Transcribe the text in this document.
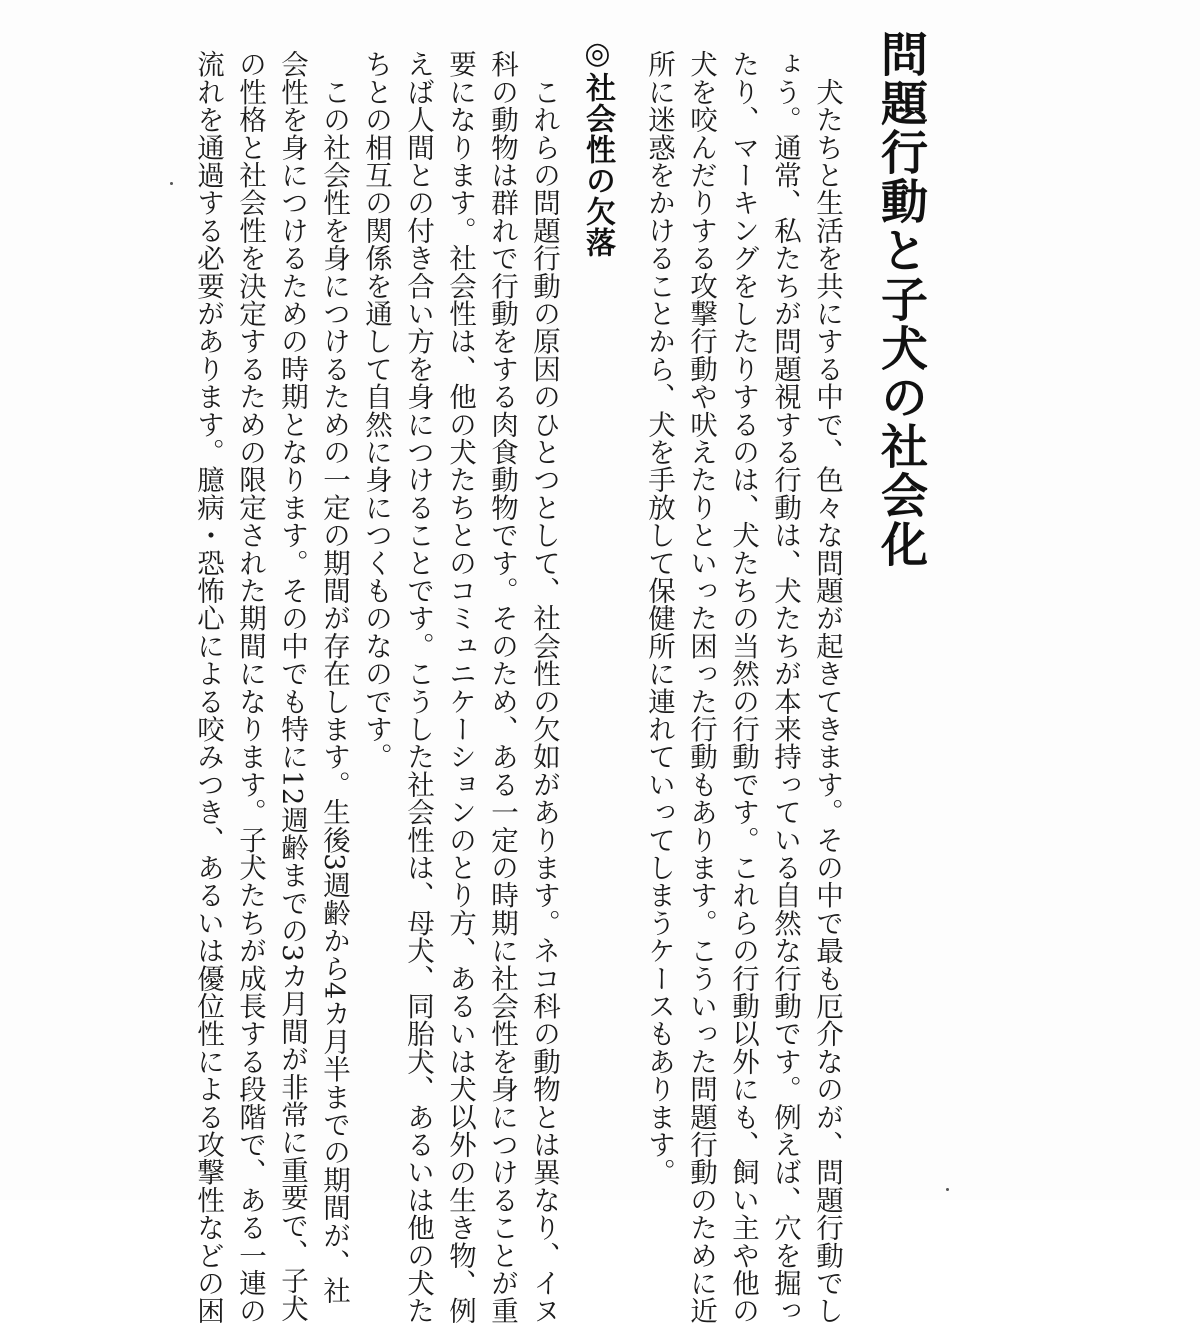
問題行動と子犬の社会化
　犬たちと生活を共にする中で、色々な問題が起きてきます。その中で最も厄介なのが、問題行動でし
ょう。通常、私たちが問題視する行動は、犬たちが本来持っている自然な行動です。例えば、穴を掘っ
たり、マーキングをしたりするのは、犬たちの当然の行動です。これらの行動以外にも、飼い主や他の
犬を咬んだりする攻撃行動や吠えたりといった困った行動もあります。こういった問題行動のために近
所に迷惑をかけることから、犬を手放して保健所に連れていってしまうケースもあります。
◎社会性の欠落
　これらの問題行動の原因のひとつとして、社会性の欠如があります。ネコ科の動物とは異なり、イヌ
科の動物は群れで行動をする肉食動物です。そのため、ある一定の時期に社会性を身につけることが重
要になります。社会性は、他の犬たちとのコミュニケーションのとり方、あるいは犬以外の生き物、例
えば人間との付き合い方を身につけることです。こうした社会性は、母犬、同胎犬、あるいは他の犬た
ちとの相互の関係を通して自然に身につくものなのです。
　この社会性を身につけるための一定の期間が存在します。生後3週齢から4カ月半までの期間が、社
会性を身につけるための時期となります。その中でも特に12週齢までの3カ月間が非常に重要で、子犬
の性格と社会性を決定するための限定された期間になります。子犬たちが成長する段階で、ある一連の
流れを通過する必要があります。臆病・恐怖心による咬みつき、あるいは優位性による攻撃性などの困
